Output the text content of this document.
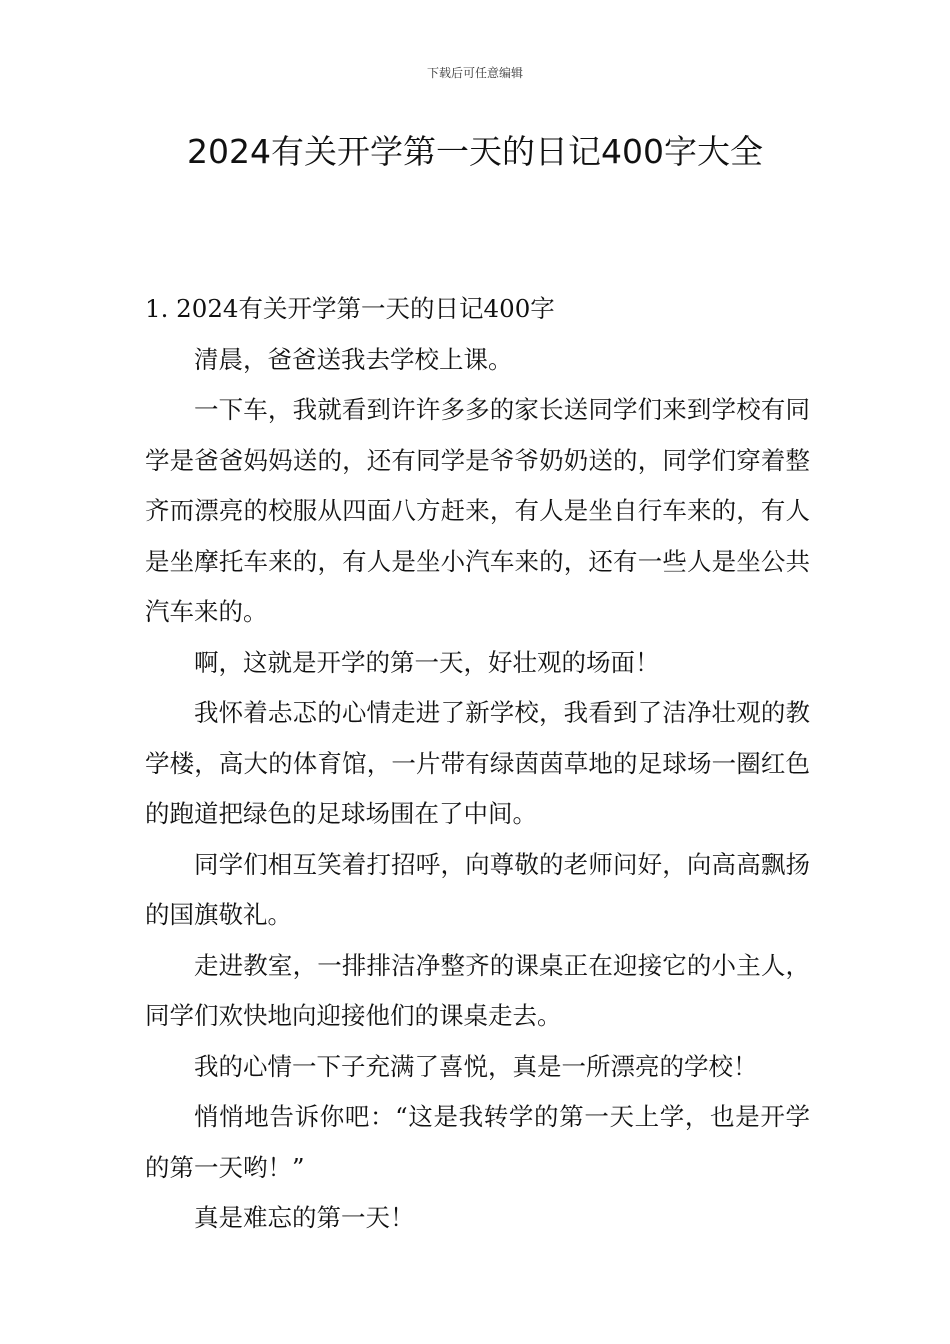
下载后可任意编辑
2024有关开学第一天的日记400字大全

1. 2024有关开学第一天的日记400字

清晨，爸爸送我去学校上课。

一下车，我就看到许许多多的家长送同学们来到学校有同学是爸爸妈妈送的，还有同学是爷爷奶奶送的，同学们穿着整齐而漂亮的校服从四面八方赶来，有人是坐自行车来的，有人是坐摩托车来的，有人是坐小汽车来的，还有一些人是坐公共汽车来的。

啊，这就是开学的第一天，好壮观的场面！

我怀着忐忑的心情走进了新学校，我看到了洁净壮观的教学楼，高大的体育馆，一片带有绿茵茵草地的足球场一圈红色的跑道把绿色的足球场围在了中间。

同学们相互笑着打招呼，向尊敬的老师问好，向高高飘扬的国旗敬礼。

走进教室，一排排洁净整齐的课桌正在迎接它的小主人，同学们欢快地向迎接他们的课桌走去。

我的心情一下子充满了喜悦，真是一所漂亮的学校！

悄悄地告诉你吧：“这是我转学的第一天上学，也是开学的第一天哟！”

真是难忘的第一天！
